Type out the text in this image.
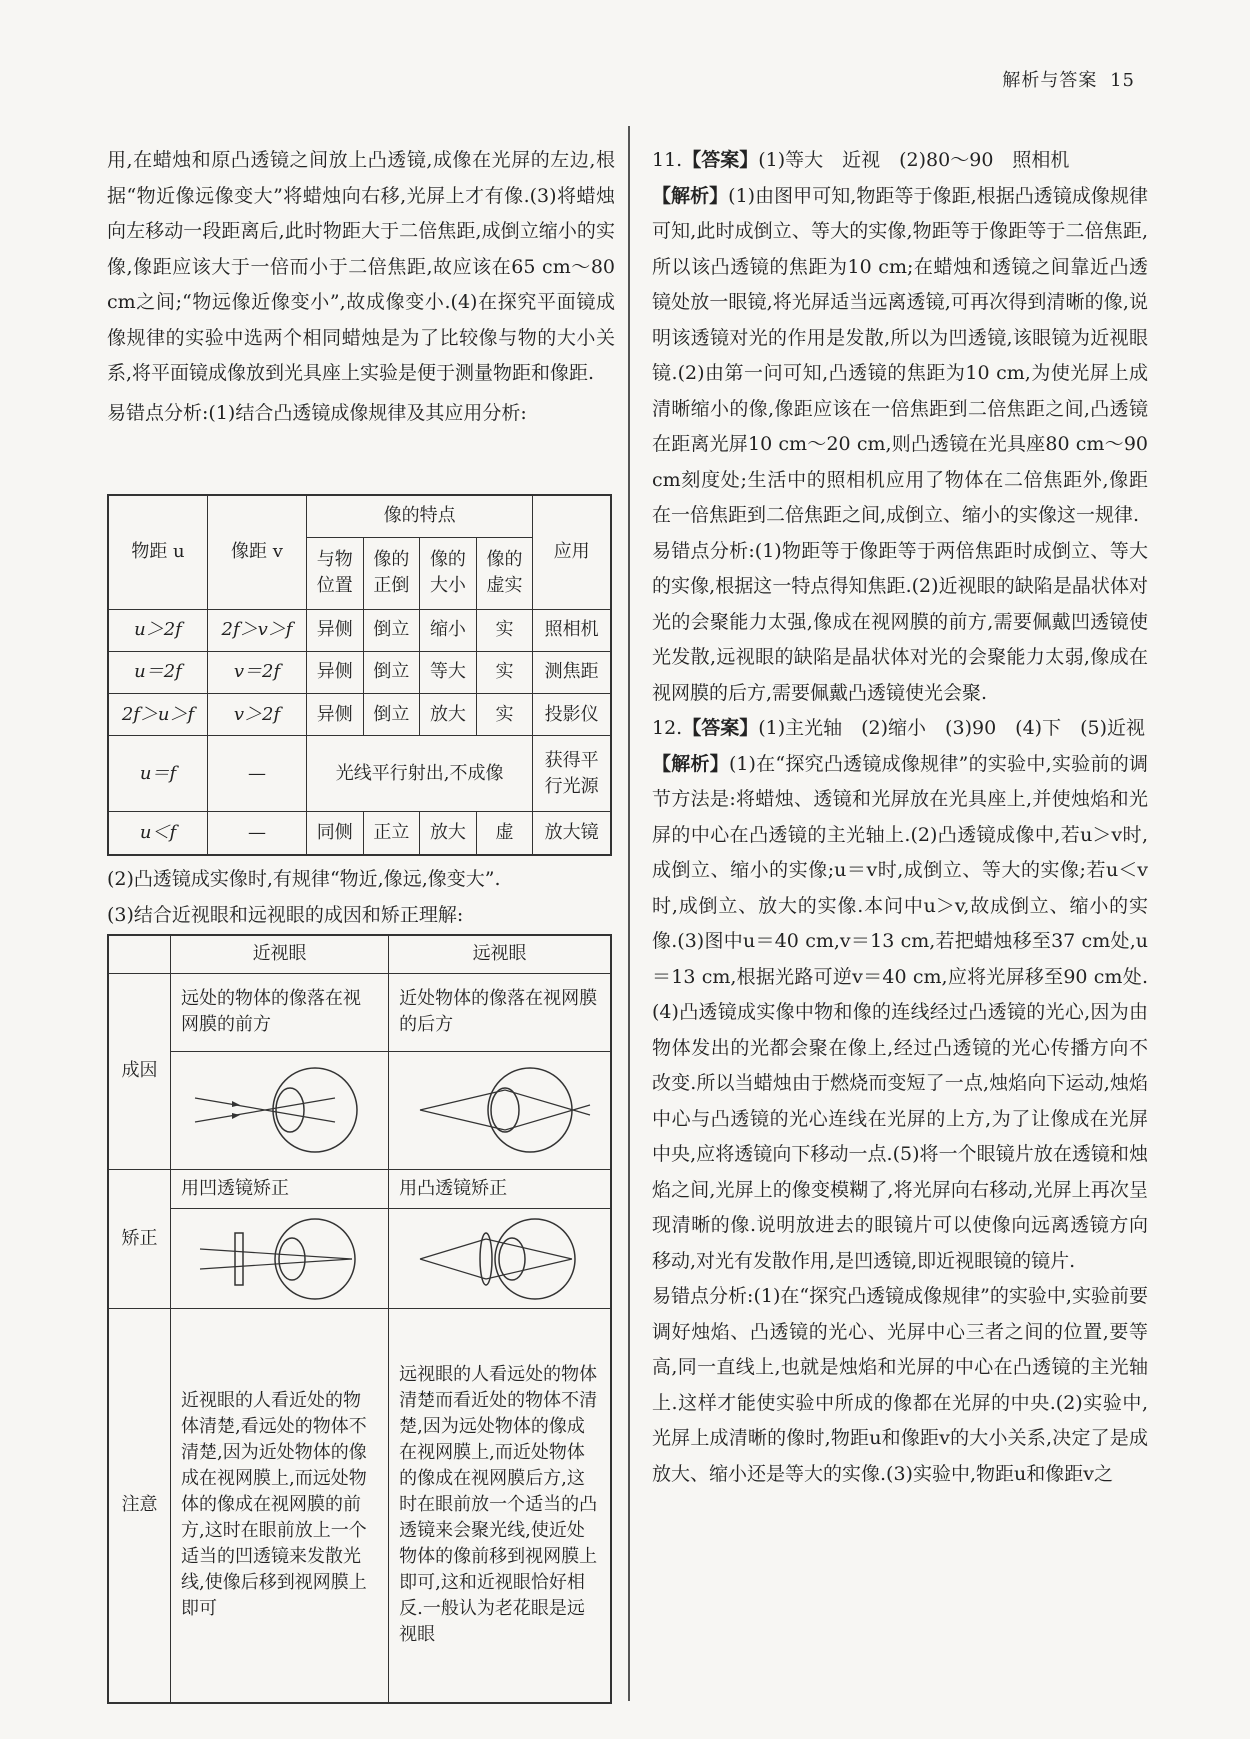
解析与答案 15

用,在蜡烛和原凸透镜之间放上凸透镜,成像在光屏的左边,根据“物近像远像变大”将蜡烛向右移,光屏上才有像.(3)将蜡烛向左移动一段距离后,此时物距大于二倍焦距,成倒立缩小的实像,像距应该大于一倍而小于二倍焦距,故应该在65 cm～80 cm之间;“物远像近像变小”,故成像变小.(4)在探究平面镜成像规律的实验中选两个相同蜡烛是为了比较像与物的大小关系,将平面镜成像放到光具座上实验是便于测量物距和像距.

易错点分析:(1)结合凸透镜成像规律及其应用分析:

物距 u	像距 v	像的特点				应用
		与物位置	像的正倒	像的大小	像的虚实	
u＞2f	2f＞v＞f	异侧	倒立	缩小	实	照相机
u＝2f	v＝2f	异侧	倒立	等大	实	测焦距
2f＞u＞f	v＞2f	异侧	倒立	放大	实	投影仪
u＝f	—	光线平行射出,不成像				获得平行光源
u＜f	—	同侧	正立	放大	虚	放大镜

(2)凸透镜成实像时,有规律“物近,像远,像变大”.

(3)结合近视眼和远视眼的成因和矫正理解:

	近视眼	远视眼
成因	远处的物体的像落在视网膜的前方	近处物体的像落在视网膜的后方

矫正	用凹透镜矫正	用凸透镜矫正

注意	近视眼的人看近处的物体清楚,看远处的物体不清楚,因为近处物体的像成在视网膜上,而远处物体的像成在视网膜的前方,这时在眼前放上一个适当的凹透镜来发散光线,使像后移到视网膜上即可	远视眼的人看远处的物体清楚而看近处的物体不清楚,因为远处物体的像成在视网膜上,而近处物体的像成在视网膜后方,这时在眼前放一个适当的凸透镜来会聚光线,使近处物体的像前移到视网膜上即可,这和近视眼恰好相反.一般认为老花眼是远视眼

11.【答案】(1)等大　近视　(2)80～90　照相机

【解析】(1)由图甲可知,物距等于像距,根据凸透镜成像规律可知,此时成倒立、等大的实像,物距等于像距等于二倍焦距,所以该凸透镜的焦距为10 cm;在蜡烛和透镜之间靠近凸透镜处放一眼镜,将光屏适当远离透镜,可再次得到清晰的像,说明该透镜对光的作用是发散,所以为凹透镜,该眼镜为近视眼镜.(2)由第一问可知,凸透镜的焦距为10 cm,为使光屏上成清晰缩小的像,像距应该在一倍焦距到二倍焦距之间,凸透镜在距离光屏10 cm～20 cm,则凸透镜在光具座80 cm～90 cm刻度处;生活中的照相机应用了物体在二倍焦距外,像距在一倍焦距到二倍焦距之间,成倒立、缩小的实像这一规律.

易错点分析:(1)物距等于像距等于两倍焦距时成倒立、等大的实像,根据这一特点得知焦距.(2)近视眼的缺陷是晶状体对光的会聚能力太强,像成在视网膜的前方,需要佩戴凹透镜使光发散,远视眼的缺陷是晶状体对光的会聚能力太弱,像成在视网膜的后方,需要佩戴凸透镜使光会聚.

12.【答案】(1)主光轴　(2)缩小　(3)90　(4)下　(5)近视

【解析】(1)在“探究凸透镜成像规律”的实验中,实验前的调节方法是:将蜡烛、透镜和光屏放在光具座上,并使烛焰和光屏的中心在凸透镜的主光轴上.(2)凸透镜成像中,若u＞v时,成倒立、缩小的实像;u＝v时,成倒立、等大的实像;若u＜v时,成倒立、放大的实像.本问中u＞v,故成倒立、缩小的实像.(3)图中u＝40 cm,v＝13 cm,若把蜡烛移至37 cm处,u＝13 cm,根据光路可逆v＝40 cm,应将光屏移至90 cm处.(4)凸透镜成实像中物和像的连线经过凸透镜的光心,因为由物体发出的光都会聚在像上,经过凸透镜的光心传播方向不改变.所以当蜡烛由于燃烧而变短了一点,烛焰向下运动,烛焰中心与凸透镜的光心连线在光屏的上方,为了让像成在光屏中央,应将透镜向下移动一点.(5)将一个眼镜片放在透镜和烛焰之间,光屏上的像变模糊了,将光屏向右移动,光屏上再次呈现清晰的像.说明放进去的眼镜片可以使像向远离透镜方向移动,对光有发散作用,是凹透镜,即近视眼镜的镜片.

易错点分析:(1)在“探究凸透镜成像规律”的实验中,实验前要调好烛焰、凸透镜的光心、光屏中心三者之间的位置,要等高,同一直线上,也就是烛焰和光屏的中心在凸透镜的主光轴上.这样才能使实验中所成的像都在光屏的中央.(2)实验中,光屏上成清晰的像时,物距u和像距v的大小关系,决定了是成放大、缩小还是等大的实像.(3)实验中,物距u和像距v之
